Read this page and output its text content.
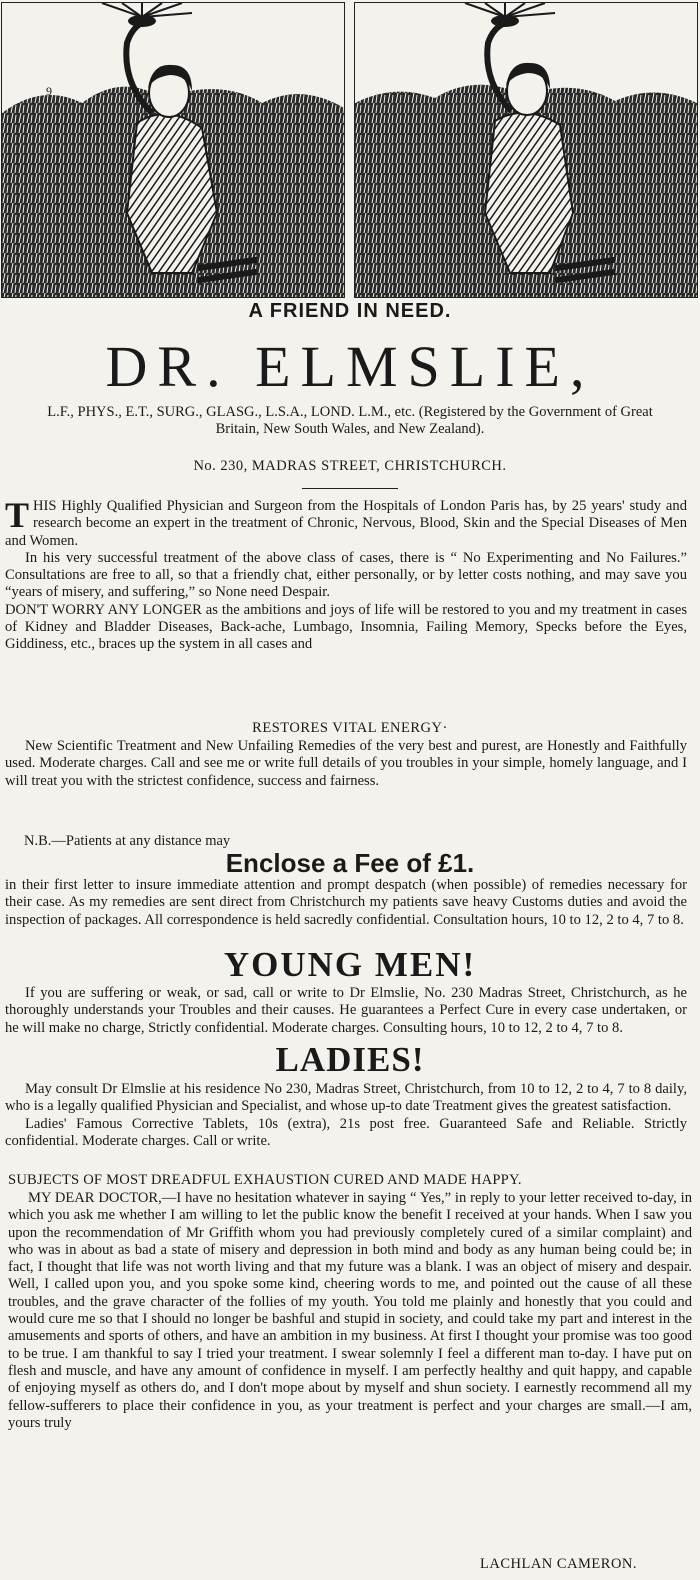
9
A FRIEND IN NEED.
DR. ELMSLIE,
L.F., PHYS., E.T., SURG., GLASG., L.S.A., LOND. L.M., etc. (Registered by the Government of Great Britain, New South Wales, and New Zealand).
No. 230, MADRAS STREET, CHRISTCHURCH.

THIS Highly Qualified Physician and Surgeon from the Hospitals of London Paris has, by 25 years' study and research become an expert in the treatment of Chronic, Nervous, Blood, Skin and the Special Diseases of Men and Women.

In his very successful treatment of the above class of cases, there is “ No Experimenting and No Failures.” Consultations are free to all, so that a friendly chat, either personally, or by letter costs nothing, and may save you “years of misery, and suffering,” so None need Despair.

DON'T WORRY ANY LONGER as the ambitions and joys of life will be restored to you and my treatment in cases of Kidney and Bladder Diseases, Back-ache, Lumbago, Insomnia, Failing Memory, Specks before the Eyes, Giddiness, etc., braces up the system in all cases and

RESTORES VITAL ENERGY·

New Scientific Treatment and New Unfailing Remedies of the very best and purest, are Honestly and Faithfully used. Moderate charges. Call and see me or write full details of you troubles in your simple, homely language, and I will treat you with the strictest confidence, success and fairness.

N.B.—Patients at any distance may
Enclose a Fee of £1.

in their first letter to insure immediate attention and prompt despatch (when possible) of remedies necessary for their case. As my remedies are sent direct from Christchurch my patients save heavy Customs duties and avoid the inspection of packages. All correspondence is held sacredly confidential. Consultation hours, 10 to 12, 2 to 4, 7 to 8.

YOUNG MEN!

If you are suffering or weak, or sad, call or write to Dr Elmslie, No. 230 Madras Street, Christchurch, as he thoroughly understands your Troubles and their causes. He guarantees a Perfect Cure in every case undertaken, or he will make no charge, Strictly confidential. Moderate charges. Consulting hours, 10 to 12, 2 to 4, 7 to 8.

LADIES!

May consult Dr Elmslie at his residence No 230, Madras Street, Christchurch, from 10 to 12, 2 to 4, 7 to 8 daily, who is a legally qualified Physician and Specialist, and whose up-to date Treatment gives the greatest satisfaction.

Ladies' Famous Corrective Tablets, 10s (extra), 21s post free. Guaranteed Safe and Reliable. Strictly confidential. Moderate charges. Call or write.

SUBJECTS OF MOST DREADFUL EXHAUSTION CURED AND MADE HAPPY.

MY DEAR DOCTOR,—I have no hesitation whatever in saying “ Yes,” in reply to your letter received to-day, in which you ask me whether I am willing to let the public know the benefit I received at your hands. When I saw you upon the recommendation of Mr Griffith whom you had previously completely cured of a similar complaint) and who was in about as bad a state of misery and depression in both mind and body as any human being could be; in fact, I thought that life was not worth living and that my future was a blank. I was an object of misery and despair. Well, I called upon you, and you spoke some kind, cheering words to me, and pointed out the cause of all these troubles, and the grave character of the follies of my youth. You told me plainly and honestly that you could and would cure me so that I should no longer be bashful and stupid in society, and could take my part and interest in the amusements and sports of others, and have an ambition in my business. At first I thought your promise was too good to be true. I am thankful to say I tried your treatment. I swear solemnly I feel a different man to-day. I have put on flesh and muscle, and have any amount of confidence in myself. I am perfectly healthy and quit happy, and capable of enjoying myself as others do, and I don't mope about by myself and shun society. I earnestly recommend all my fellow-sufferers to place their confidence in you, as your treatment is perfect and your charges are small.—I am, yours truly

LACHLAN CAMERON.
